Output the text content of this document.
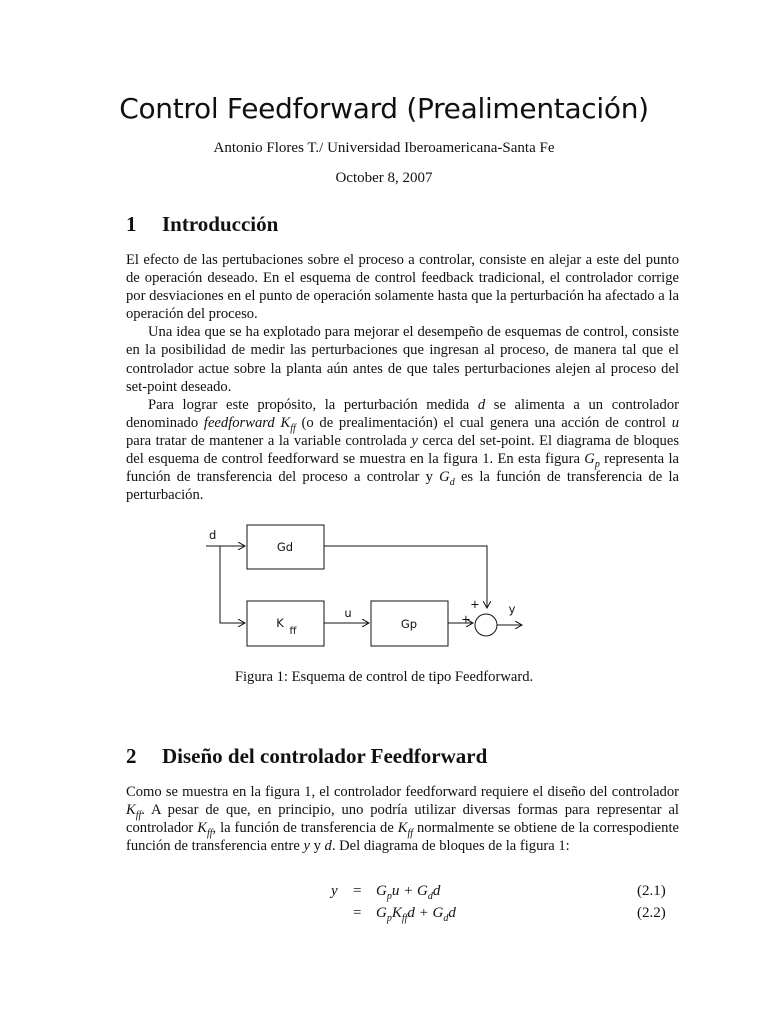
Control Feedforward (Prealimentación)
Antonio Flores T./ Universidad Iberoamericana-Santa Fe
October 8, 2007
1 Introducción

El efecto de las pertubaciones sobre el proceso a controlar, consiste en alejar a este del punto de operación deseado. En el esquema de control feedback tradicional, el controlador corrige por desviaciones en el punto de operación solamente hasta que la perturbación ha afectado a la operación del proceso.

Una idea que se ha explotado para mejorar el desempeño de esquemas de control, consiste en la posibilidad de medir las perturbaciones que ingresan al proceso, de manera tal que el controlador actue sobre la planta aún antes de que tales perturbaciones alejen al proceso del set-point deseado.

Para lograr este propósito, la perturbación medida d se alimenta a un controlador denominado feedforward $K_{ff}$ (o de prealimentación) el cual genera una acción de control u para tratar de mantener a la variable controlada y cerca del set-point. El diagrama de bloques del esquema de control feedforward se muestra en la figura 1. En esta figura $G_p$ representa la función de transferencia del proceso a controlar y $G_d$ es la función de transferencia de la perturbación.

d
Gd
K
ff
u
Gp
+
+
y
Figura 1: Esquema de control de tipo Feedforward.
2 Diseño del controlador Feedforward

Como se muestra en la figura 1, el controlador feedforward requiere el diseño del controlador $K_{ff}$. A pesar de que, en principio, uno podría utilizar diversas formas para representar al controlador $K_{ff}$, la función de transferencia de $K_{ff}$ normalmente se obtiene de la correspodiente función de transferencia entre y y d. Del diagrama de bloques de la figura 1:

$y = G_pu + G_dd$	(2.1)
= $G_pK_{ff}d + G_dd$	(2.2)
